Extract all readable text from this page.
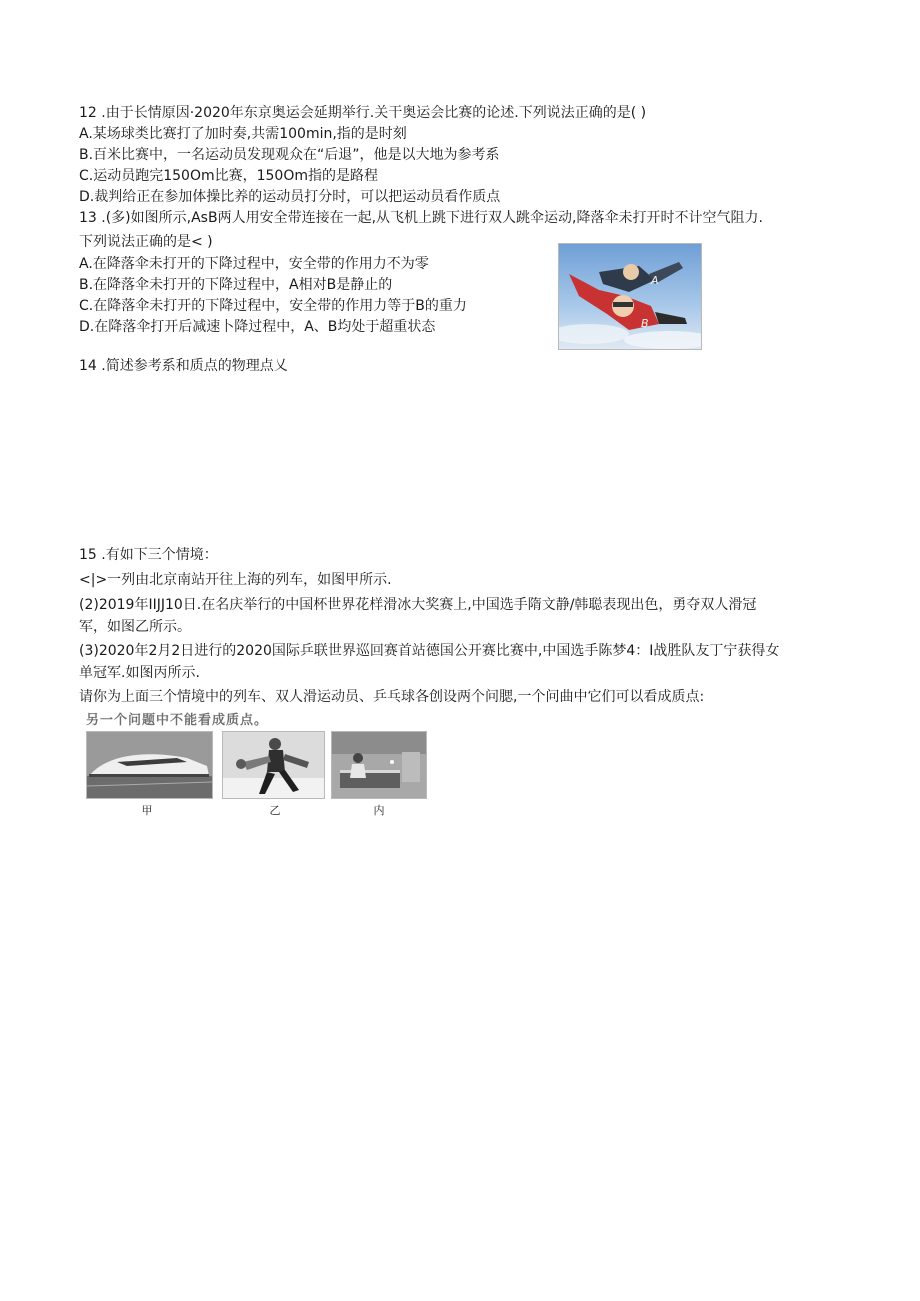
12 .由于长情原因·2020年东京奥运会延期举行.关干奥运会比赛的论述.下列说法正确的是( )
A.某场球类比赛打了加时奏,共需100min,指的是时刻
B.百米比赛中，一名运动员发现观众在“后退”，他是以大地为参考系
C.运动员跑完150Om比赛，150Om指的是路程
D.裁判给正在参加体操比养的运动员打分时，可以把运动员看作质点
13 .(多)如图所示,AsB两人用安全带连接在一起,从飞机上跳下进行双人跳伞运动,降落伞未打开时不计空气阻力.
下列说法正确的是< )
A.在降落伞未打开的下降过程中，安全带的作用力不为零
B.在降落伞未打开的下降过程中，A相对B是静止的
C.在降落伞未打开的下降过程中，安全带的作用力等于B的重力
D.在降落伞打开后减速卜降过程中，A、B均处于超重状态
A
B
14 .简述参考系和质点的物理点乂
15 .有如下三个情境：
<|>一列由北京南站开往上海的列车，如图甲所示.
(2)2019年IIJJ10日.在名庆举行的中国杯世界花样滑冰大奖赛上,中国选手隋文静/韩聪表现出色，勇夺双人滑冠
军，如图乙所示。
(3)2020年2月2日进行的2020国际乒联世界巡回赛首站德国公开赛比赛中,中国选手陈梦4：I战胜队友丁宁获得女
单冠军.如图丙所示.
请你为上面三个情境中的列车、双人滑运动员、乒乓球各创设两个问腮,一个问曲中它们可以看成质点:
另一个问题中不能看成质点。
甲	乙	内
